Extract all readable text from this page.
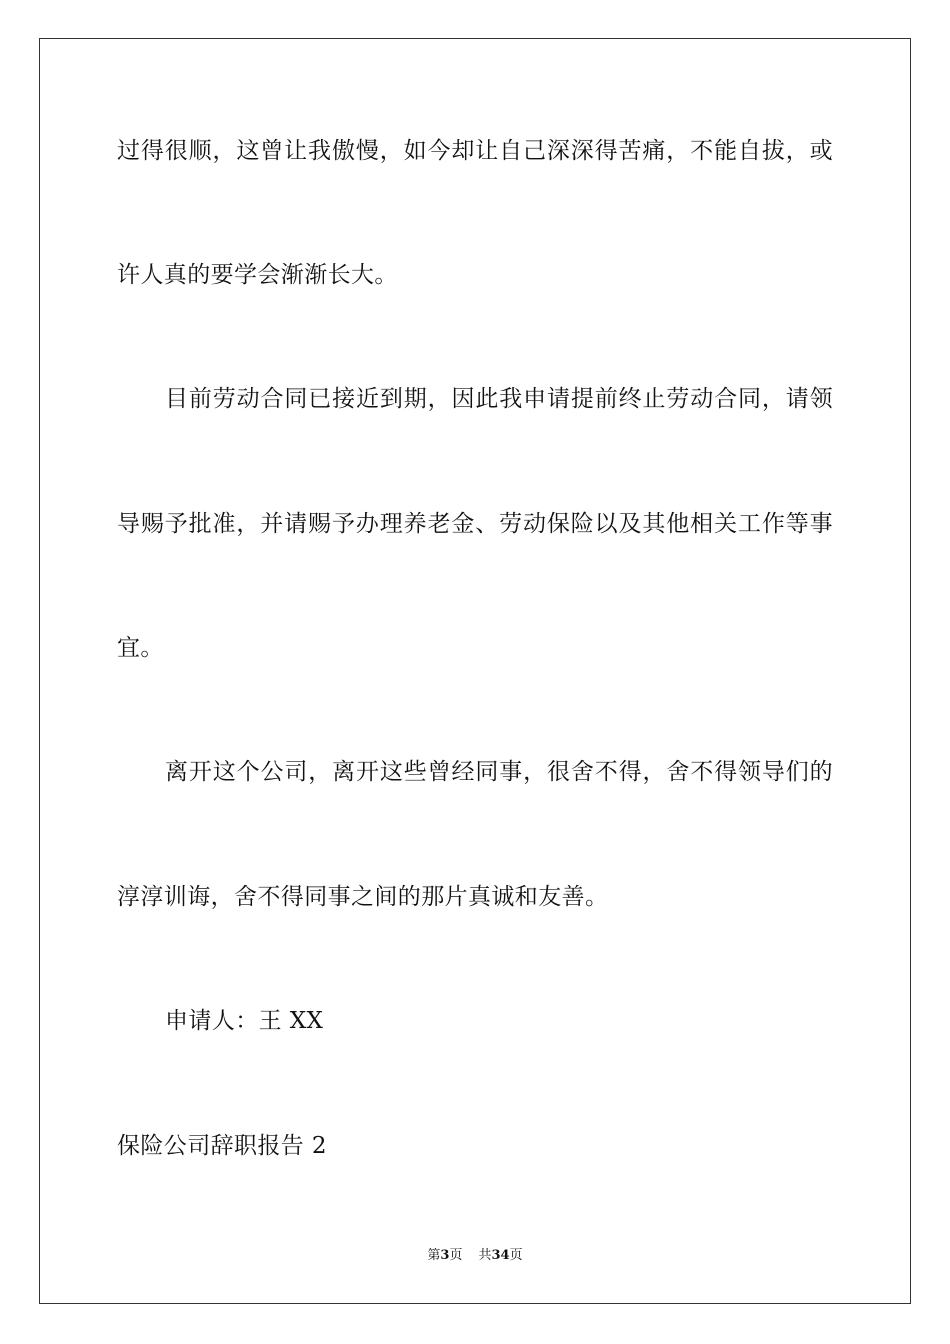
过得很顺，这曾让我傲慢，如今却让自己深深得苦痛，不能自拔，或
许人真的要学会渐渐长大。
目前劳动合同已接近到期，因此我申请提前终止劳动合同，请领
导赐予批准，并请赐予办理养老金、劳动保险以及其他相关工作等事
宜。
离开这个公司，离开这些曾经同事，很舍不得，舍不得领导们的
淳淳训诲，舍不得同事之间的那片真诚和友善。
申请人：王 XX
保险公司辞职报告 2
第3页 共34页
